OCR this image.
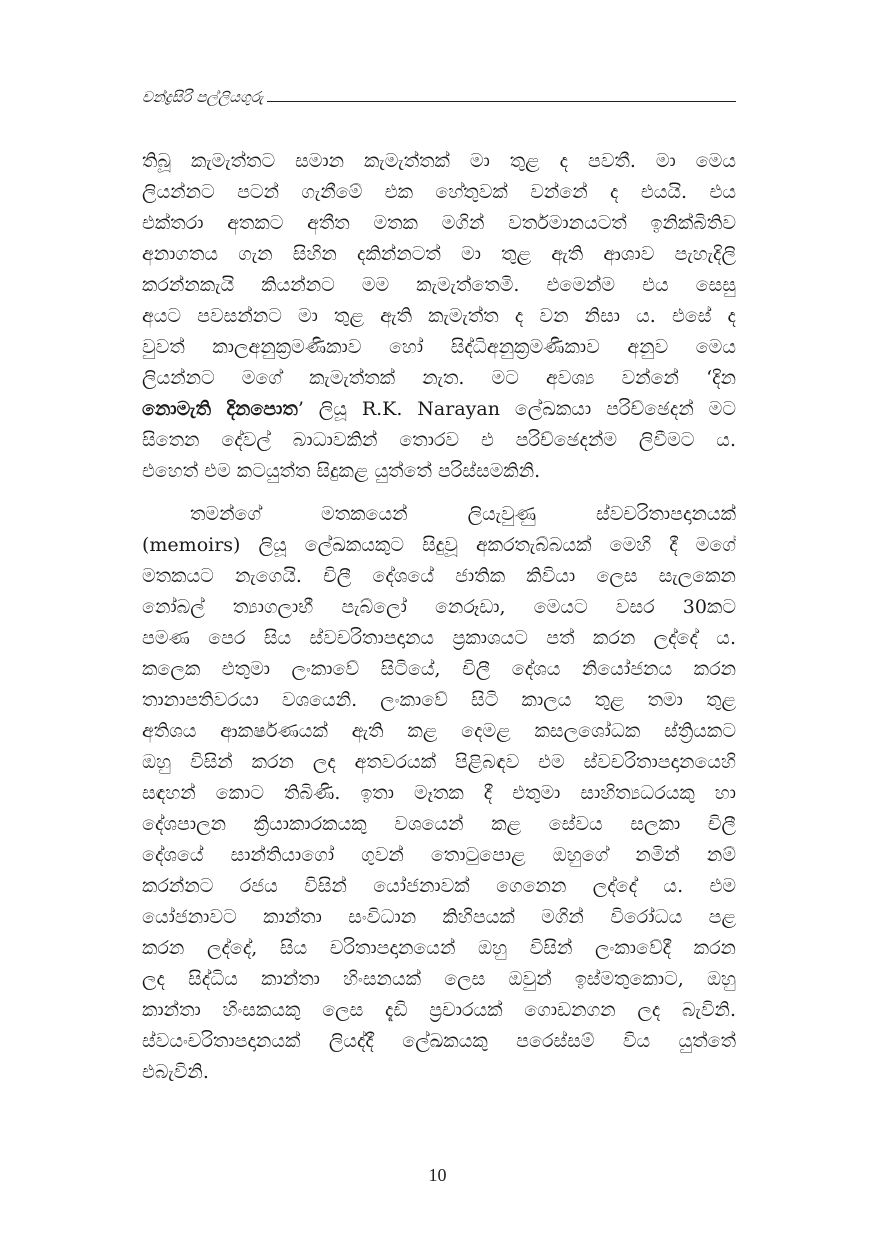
චන්ද්‍රසිරි පල්ලියගුරු
තිබූ කැමැත්තට සමාන කැමැත්තක් මා තුළ ද පවතී. මා මෙය
ලියන්නට පටන් ගැනීමේ එක හේතුවක් වන්නේ ද එයයි. එය
එක්තරා අතකට අතීත මතක මගින් වර්තමානයටත් ඉනික්බිතිව
අනාගතය ගැන සිහින දකින්නටත් මා තුළ ඇති ආශාව පැහැදිලි
කරන්නකැයි කියන්නට මම කැමැත්තෙමි. එමෙන්ම එය සෙසු
අයට පවසන්නට මා තුළ ඇති කැමැත්ත ද වන නිසා ය. එසේ ද
වුවත් කාලඅනුක්‍රමණිකාව හෝ සිද්ධිඅනුක්‍රමණිකාව අනුව මෙය
ලියන්නට මගේ කැමැත්තක් නැත. මට අවශ්‍ය වන්නේ ‘දින
නොමැති දිනපොත’ ලියූ R.K. Narayan ලේඛකයා පරිච්ඡෙදන් මට
සිතෙන දේවල් බාධාවකින් තොරව එ පරිච්ඡෙදන්ම ලිවීමට ය.
එහෙත් එම කටයුත්ත සිදුකළ යුත්තේ පරිස්සමකිනි.
තමන්ගේ මතකයෙන් ලියැවුණු ස්වචරිතාපදානයක්
(memoirs) ලියූ ලේඛකයකුට සිදුවූ අකරතැබ්බයක් මෙහි දී මගේ
මතකයට නැගෙයි. චිලී දේශයේ ජාතික කිවියා ලෙස සැලකෙන
නෝබල් ත්‍යාගලාභී පැබ්ලෝ නෙරූඩා, මෙයට වසර 30කට
පමණ පෙර සිය ස්වචරිතාපදානය ප්‍රකාශයට පත් කරන ලද්දේ ය.
කලෙක එතුමා ලංකාවේ සිටියේ, චිලී දේශය නියෝජනය කරන
තානාපතිවරයා වශයෙනි. ලංකාවේ සිටි කාලය තුළ තමා තුළ
අතිශය ආකර්ෂණයක් ඇති කළ දෙමළ කසලශෝධක ස්ත්‍රියකට
ඔහු විසින් කරන ලද අතවරයක් පිළිබඳව එම ස්වචරිතාපදානයෙහි
සඳහන් කොට තිබිණි. ඉතා මෑතක දී එතුමා සාහිත්‍යධරයකු හා
දේශපාලන ක්‍රියාකාරකයකු වශයෙන් කළ සේවය සලකා චිලී
දේශයේ සාන්තියාගෝ ගුවන් තොටුපොළ ඔහුගේ නමින් නම්
කරන්නට රජය විසින් යෝජනාවක් ගෙනෙන ලද්දේ ය. එම
යෝජනාවට කාන්තා සංවිධාන කිහිපයක් මගින් විරෝධය පළ
කරන ලද්දේ, සිය චරිතාපදානයෙන් ඔහු විසින් ලංකාවේදී කරන
ලද සිද්ධිය කාන්තා හිංසනයක් ලෙස ඔවුන් ඉස්මතුකොට, ඔහු
කාන්තා හිංසකයකු ලෙස දැඩි ප්‍රචාරයක් ගොඩනගන ලද බැවිනි.
ස්වයංචරිතාපදානයක් ලියද්දී ලේඛකයකු පරෙස්සම් විය යුත්තේ
එබැවිනි.
10
